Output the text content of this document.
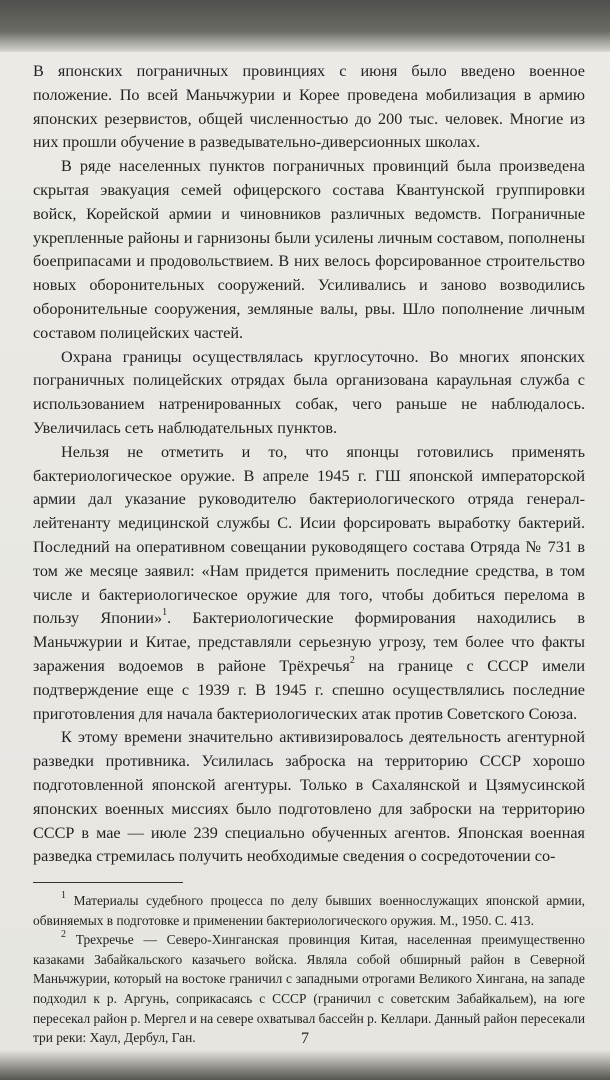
В японских пограничных провинциях с июня было введено военное положение. По всей Маньчжурии и Корее проведена мобилизация в армию японских резервистов, общей численностью до 200 тыс. человек. Многие из них прошли обучение в разведывательно-диверсионных школах.

В ряде населенных пунктов пограничных провинций была произведена скрытая эвакуация семей офицерского состава Квантунской группировки войск, Корейской армии и чиновников различных ведомств. Пограничные укрепленные районы и гарнизоны были усилены личным составом, пополнены боеприпасами и продовольствием. В них велось форсированное строительство новых оборонительных сооружений. Усиливались и заново возводились оборонительные сооружения, земляные валы, рвы. Шло пополнение личным составом полицейских частей.

Охрана границы осуществлялась круглосуточно. Во многих японских пограничных полицейских отрядах была организована караульная служба с использованием натренированных собак, чего раньше не наблюдалось. Увеличилась сеть наблюдательных пунктов.

Нельзя не отметить и то, что японцы готовились применять бактериологическое оружие. В апреле 1945 г. ГШ японской императорской армии дал указание руководителю бактериологического отряда генерал-лейтенанту медицинской службы С. Исии форсировать выработку бактерий. Последний на оперативном совещании руководящего состава Отряда № 731 в том же месяце заявил: «Нам придется применить последние средства, в том числе и бактериологическое оружие для того, чтобы добиться перелома в пользу Японии»$^1$. Бактериологические формирования находились в Маньчжурии и Китае, представляли серьезную угрозу, тем более что факты заражения водоемов в районе Трёхречья$^2$ на границе с СССР имели подтверждение еще с 1939 г. В 1945 г. спешно осуществлялись последние приготовления для начала бактериологических атак против Советского Союза.

К этому времени значительно активизировалось деятельность агентурной разведки противника. Усилилась заброска на территорию СССР хорошо подготовленной японской агентуры. Только в Сахалянской и Цзямусинской японских военных миссиях было подготовлено для заброски на территорию СССР в мае — июле 239 специально обученных агентов. Японская военная разведка стремилась получить необходимые сведения о сосредоточении со-

$^1$ Материалы судебного процесса по делу бывших военнослужащих японской армии, обвиняемых в подготовке и применении бактериологического оружия. М., 1950. С. 413.

$^2$ Трехречье — Северо-Хинганская провинция Китая, населенная преимущественно казаками Забайкальского казачьего войска. Являла собой обширный район в Северной Маньчжурии, который на востоке граничил с западными отрогами Великого Хингана, на западе подходил к р. Аргунь, соприкасаясь с СССР (граничил с советским Забайкальем), на юге пересекал район р. Мергел и на севере охватывал бассейн р. Келлари. Данный район пересекали три реки: Хаул, Дербул, Ган.	7
